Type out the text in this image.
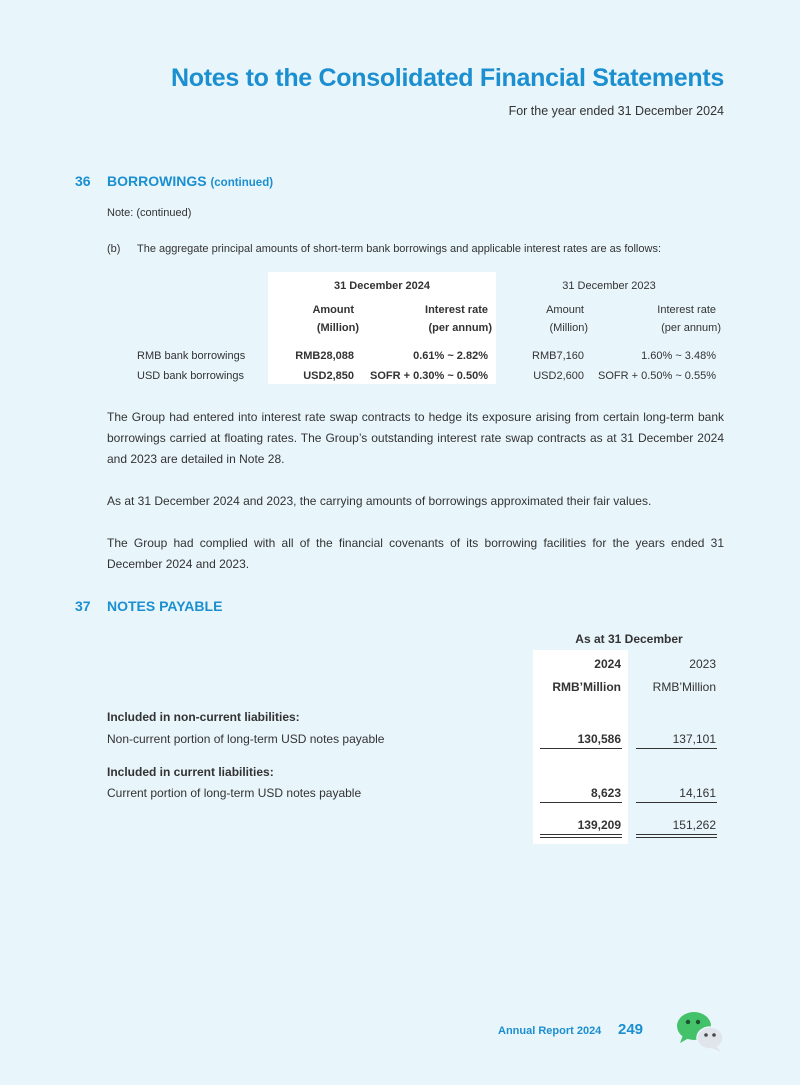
Notes to the Consolidated Financial Statements
For the year ended 31 December 2024
36 BORROWINGS (continued)
Note: (continued)
(b) The aggregate principal amounts of short-term bank borrowings and applicable interest rates are as follows:
31 December 2024	31 December 2023
Amount	Interest rate	Amount	Interest rate
(Million)	(per annum)	(Million)	(per annum)
RMB bank borrowings	RMB28,088	0.61% ~ 2.82%	RMB7,160	1.60% ~ 3.48%
USD bank borrowings	USD2,850	SOFR + 0.30% ~ 0.50%	USD2,600	SOFR + 0.50% ~ 0.55%

The Group had entered into interest rate swap contracts to hedge its exposure arising from certain long-term bank borrowings carried at floating rates. The Group’s outstanding interest rate swap contracts as at 31 December 2024 and 2023 are detailed in Note 28.

As at 31 December 2024 and 2023, the carrying amounts of borrowings approximated their fair values.

The Group had complied with all of the financial covenants of its borrowing facilities for the years ended 31 December 2024 and 2023.

37 NOTES PAYABLE
As at 31 December
2024	2023
RMB’Million	RMB’Million
Included in non-current liabilities:
Non-current portion of long-term USD notes payable	130,586	137,101
Included in current liabilities:
Current portion of long-term USD notes payable	8,623	14,161
139,209	151,262
Annual Report 2024 249
